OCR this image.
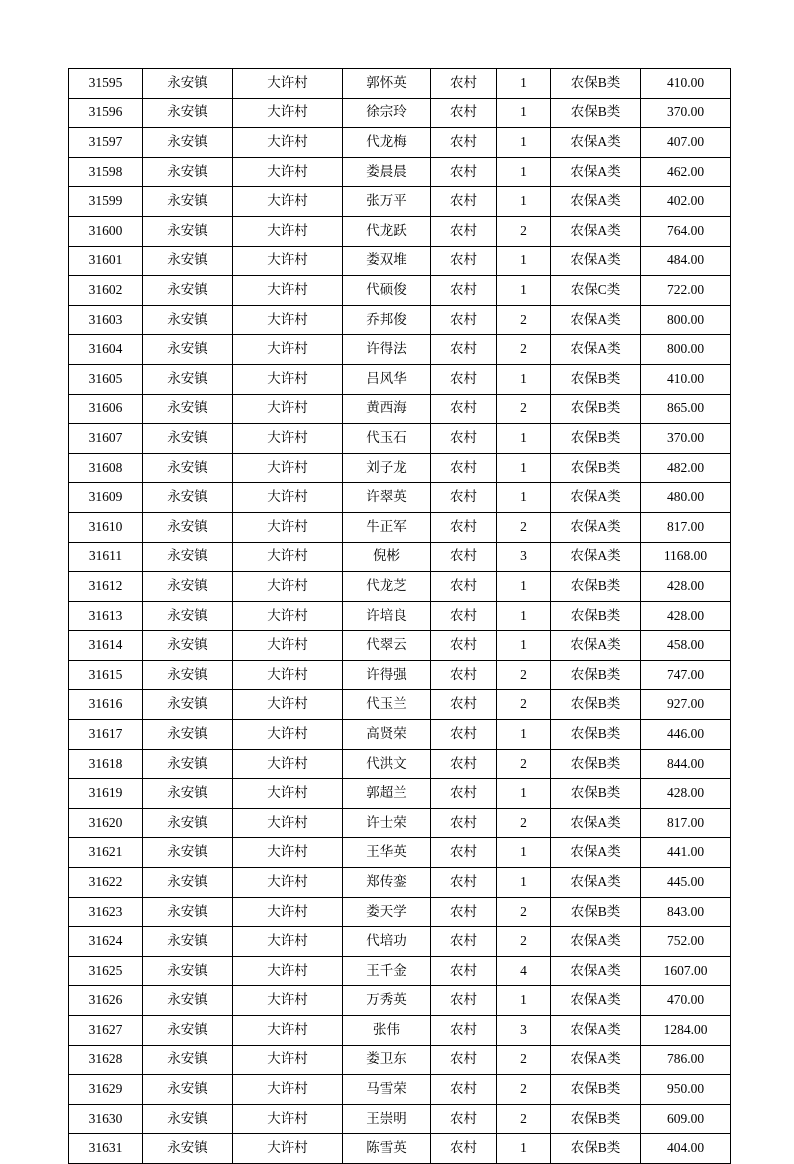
31595	永安镇	大许村	郭怀英	农村	1	农保B类	410.00
31596	永安镇	大许村	徐宗玲	农村	1	农保B类	370.00
31597	永安镇	大许村	代龙梅	农村	1	农保A类	407.00
31598	永安镇	大许村	娄晨晨	农村	1	农保A类	462.00
31599	永安镇	大许村	张万平	农村	1	农保A类	402.00
31600	永安镇	大许村	代龙跃	农村	2	农保A类	764.00
31601	永安镇	大许村	娄双堆	农村	1	农保A类	484.00
31602	永安镇	大许村	代硕俊	农村	1	农保C类	722.00
31603	永安镇	大许村	乔邦俊	农村	2	农保A类	800.00
31604	永安镇	大许村	许得法	农村	2	农保A类	800.00
31605	永安镇	大许村	吕风华	农村	1	农保B类	410.00
31606	永安镇	大许村	黄西海	农村	2	农保B类	865.00
31607	永安镇	大许村	代玉石	农村	1	农保B类	370.00
31608	永安镇	大许村	刘子龙	农村	1	农保B类	482.00
31609	永安镇	大许村	许翠英	农村	1	农保A类	480.00
31610	永安镇	大许村	牛正军	农村	2	农保A类	817.00
31611	永安镇	大许村	倪彬	农村	3	农保A类	1168.00
31612	永安镇	大许村	代龙芝	农村	1	农保B类	428.00
31613	永安镇	大许村	许培良	农村	1	农保B类	428.00
31614	永安镇	大许村	代翠云	农村	1	农保A类	458.00
31615	永安镇	大许村	许得强	农村	2	农保B类	747.00
31616	永安镇	大许村	代玉兰	农村	2	农保B类	927.00
31617	永安镇	大许村	高贤荣	农村	1	农保B类	446.00
31618	永安镇	大许村	代洪文	农村	2	农保B类	844.00
31619	永安镇	大许村	郭超兰	农村	1	农保B类	428.00
31620	永安镇	大许村	许士荣	农村	2	农保A类	817.00
31621	永安镇	大许村	王华英	农村	1	农保A类	441.00
31622	永安镇	大许村	郑传銮	农村	1	农保A类	445.00
31623	永安镇	大许村	娄天学	农村	2	农保B类	843.00
31624	永安镇	大许村	代培功	农村	2	农保A类	752.00
31625	永安镇	大许村	王千金	农村	4	农保A类	1607.00
31626	永安镇	大许村	万秀英	农村	1	农保A类	470.00
31627	永安镇	大许村	张伟	农村	3	农保A类	1284.00
31628	永安镇	大许村	娄卫东	农村	2	农保A类	786.00
31629	永安镇	大许村	马雪荣	农村	2	农保B类	950.00
31630	永安镇	大许村	王崇明	农村	2	农保B类	609.00
31631	永安镇	大许村	陈雪英	农村	1	农保B类	404.00
